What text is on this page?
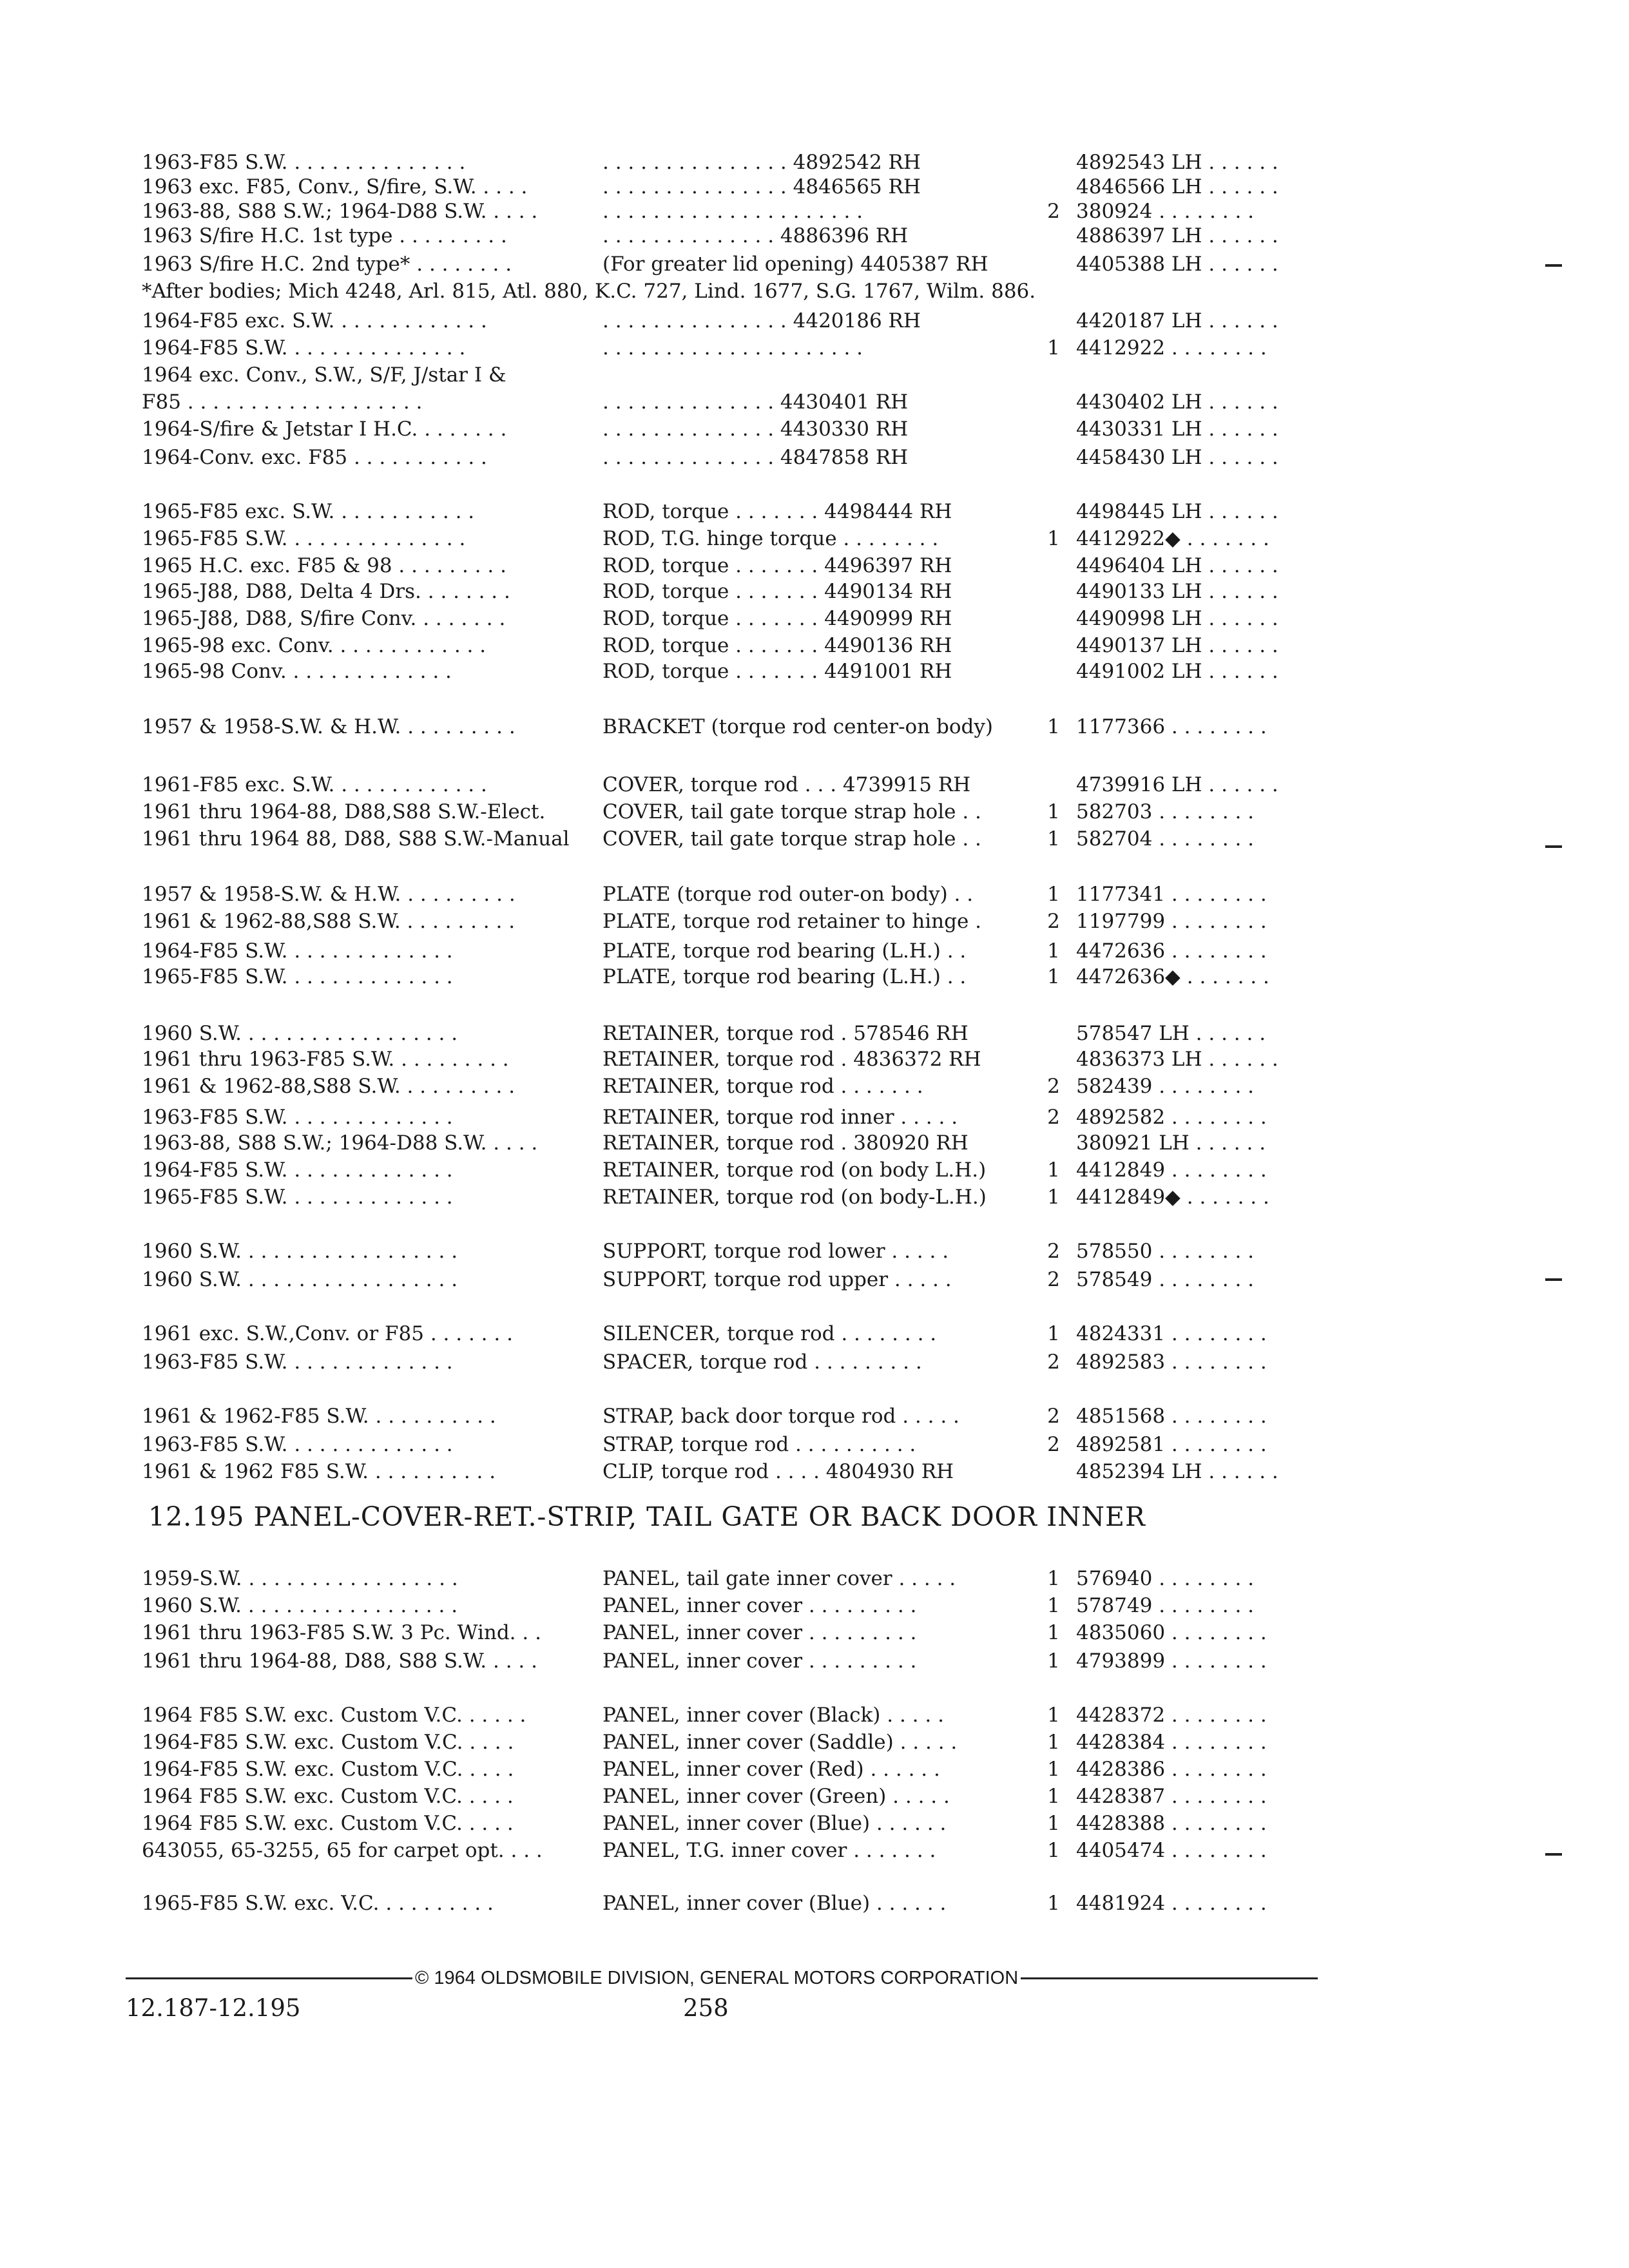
1963-F85 S.W. . . . . . . . . . . . . . .	. . . . . . . . . . . . . . . 4892542 RH	4892543 LH . . . . . .
1963 exc. F85, Conv., S/fire, S.W. . . . .	. . . . . . . . . . . . . . . 4846565 RH	4846566 LH . . . . . .
1963-88, S88 S.W.; 1964-D88 S.W. . . . .	. . . . . . . . . . . . . . . . . . . . .	2 380924 . . . . . . . .
1963 S/fire H.C. 1st type . . . . . . . . .	. . . . . . . . . . . . . . 4886396 RH	4886397 LH . . . . . .
1963 S/fire H.C. 2nd type* . . . . . . . .	(For greater lid opening) 4405387 RH	4405388 LH . . . . . .
1964-F85 exc. S.W. . . . . . . . . . . . .	. . . . . . . . . . . . . . . 4420186 RH	4420187 LH . . . . . .
1964-F85 S.W. . . . . . . . . . . . . . .	. . . . . . . . . . . . . . . . . . . . .	1 4412922 . . . . . . . .
1964 exc. Conv., S.W., S/F, J/star I &
F85 . . . . . . . . . . . . . . . . . . .	. . . . . . . . . . . . . . 4430401 RH	4430402 LH . . . . . .
1964-S/fire & Jetstar I H.C. . . . . . . .	. . . . . . . . . . . . . . 4430330 RH	4430331 LH . . . . . .
1964-Conv. exc. F85 . . . . . . . . . . .	. . . . . . . . . . . . . . 4847858 RH	4458430 LH . . . . . .
1965-F85 exc. S.W. . . . . . . . . . . .	ROD, torque . . . . . . . 4498444 RH	4498445 LH . . . . . .
1965-F85 S.W. . . . . . . . . . . . . . .	ROD, T.G. hinge torque . . . . . . . .	1 4412922◆ . . . . . . .
1965 H.C. exc. F85 & 98 . . . . . . . . .	ROD, torque . . . . . . . 4496397 RH	4496404 LH . . . . . .
1965-J88, D88, Delta 4 Drs. . . . . . . .	ROD, torque . . . . . . . 4490134 RH	4490133 LH . . . . . .
1965-J88, D88, S/fire Conv. . . . . . . .	ROD, torque . . . . . . . 4490999 RH	4490998 LH . . . . . .
1965-98 exc. Conv. . . . . . . . . . . . .	ROD, torque . . . . . . . 4490136 RH	4490137 LH . . . . . .
1965-98 Conv. . . . . . . . . . . . . .	ROD, torque . . . . . . . 4491001 RH	4491002 LH . . . . . .
1957 & 1958-S.W. & H.W. . . . . . . . . .	BRACKET (torque rod center-on body)	1 1177366 . . . . . . . .
1961-F85 exc. S.W. . . . . . . . . . . . .	COVER, torque rod . . . 4739915 RH	4739916 LH . . . . . .
1961 thru 1964-88, D88,S88 S.W.-Elect.	COVER, tail gate torque strap hole . .	1 582703 . . . . . . . .
1961 thru 1964 88, D88, S88 S.W.-Manual	COVER, tail gate torque strap hole . .	1 582704 . . . . . . . .
1957 & 1958-S.W. & H.W. . . . . . . . . .	PLATE (torque rod outer-on body) . .	1 1177341 . . . . . . . .
1961 & 1962-88,S88 S.W. . . . . . . . . .	PLATE, torque rod retainer to hinge .	2 1197799 . . . . . . . .
1964-F85 S.W. . . . . . . . . . . . . .	PLATE, torque rod bearing (L.H.) . .	1 4472636 . . . . . . . .
1965-F85 S.W. . . . . . . . . . . . . .	PLATE, torque rod bearing (L.H.) . .	1 4472636◆ . . . . . . .
1960 S.W. . . . . . . . . . . . . . . . . .	RETAINER, torque rod . 578546 RH	578547 LH . . . . . .
1961 thru 1963-F85 S.W. . . . . . . . . .	RETAINER, torque rod . 4836372 RH	4836373 LH . . . . . .
1961 & 1962-88,S88 S.W. . . . . . . . . .	RETAINER, torque rod . . . . . . .	2 582439 . . . . . . . .
1963-F85 S.W. . . . . . . . . . . . . .	RETAINER, torque rod inner . . . . .	2 4892582 . . . . . . . .
1963-88, S88 S.W.; 1964-D88 S.W. . . . .	RETAINER, torque rod . 380920 RH	380921 LH . . . . . .
1964-F85 S.W. . . . . . . . . . . . . .	RETAINER, torque rod (on body L.H.)	1 4412849 . . . . . . . .
1965-F85 S.W. . . . . . . . . . . . . .	RETAINER, torque rod (on body-L.H.)	1 4412849◆ . . . . . . .
1960 S.W. . . . . . . . . . . . . . . . . .	SUPPORT, torque rod lower . . . . .	2 578550 . . . . . . . .
1960 S.W. . . . . . . . . . . . . . . . . .	SUPPORT, torque rod upper . . . . .	2 578549 . . . . . . . .
1961 exc. S.W.,Conv. or F85 . . . . . . .	SILENCER, torque rod . . . . . . . .	1 4824331 . . . . . . . .
1963-F85 S.W. . . . . . . . . . . . . .	SPACER, torque rod . . . . . . . . .	2 4892583 . . . . . . . .
1961 & 1962-F85 S.W. . . . . . . . . . .	STRAP, back door torque rod . . . . .	2 4851568 . . . . . . . .
1963-F85 S.W. . . . . . . . . . . . . .	STRAP, torque rod . . . . . . . . . .	2 4892581 . . . . . . . .
1961 & 1962 F85 S.W. . . . . . . . . . .	CLIP, torque rod . . . . 4804930 RH	4852394 LH . . . . . .
*After bodies; Mich 4248, Arl. 815, Atl. 880, K.C. 727, Lind. 1677, S.G. 1767, Wilm. 886.
12.195 PANEL-COVER-RET.-STRIP, TAIL GATE OR BACK DOOR INNER
1959-S.W. . . . . . . . . . . . . . . . . .	PANEL, tail gate inner cover . . . . .	1 576940 . . . . . . . .
1960 S.W. . . . . . . . . . . . . . . . . .	PANEL, inner cover . . . . . . . . .	1 578749 . . . . . . . .
1961 thru 1963-F85 S.W. 3 Pc. Wind. . .	PANEL, inner cover . . . . . . . . .	1 4835060 . . . . . . . .
1961 thru 1964-88, D88, S88 S.W. . . . .	PANEL, inner cover . . . . . . . . .	1 4793899 . . . . . . . .
1964 F85 S.W. exc. Custom V.C. . . . . .	PANEL, inner cover (Black) . . . . .	1 4428372 . . . . . . . .
1964-F85 S.W. exc. Custom V.C. . . . .	PANEL, inner cover (Saddle) . . . . .	1 4428384 . . . . . . . .
1964-F85 S.W. exc. Custom V.C. . . . .	PANEL, inner cover (Red) . . . . . .	1 4428386 . . . . . . . .
1964 F85 S.W. exc. Custom V.C. . . . .	PANEL, inner cover (Green) . . . . .	1 4428387 . . . . . . . .
1964 F85 S.W. exc. Custom V.C. . . . .	PANEL, inner cover (Blue) . . . . . .	1 4428388 . . . . . . . .
643055, 65-3255, 65 for carpet opt. . . .	PANEL, T.G. inner cover . . . . . . .	1 4405474 . . . . . . . .
1965-F85 S.W. exc. V.C. . . . . . . . . .	PANEL, inner cover (Blue) . . . . . .	1 4481924 . . . . . . . .
© 1964 OLDSMOBILE DIVISION, GENERAL MOTORS CORPORATION
12.187-12.195	258
